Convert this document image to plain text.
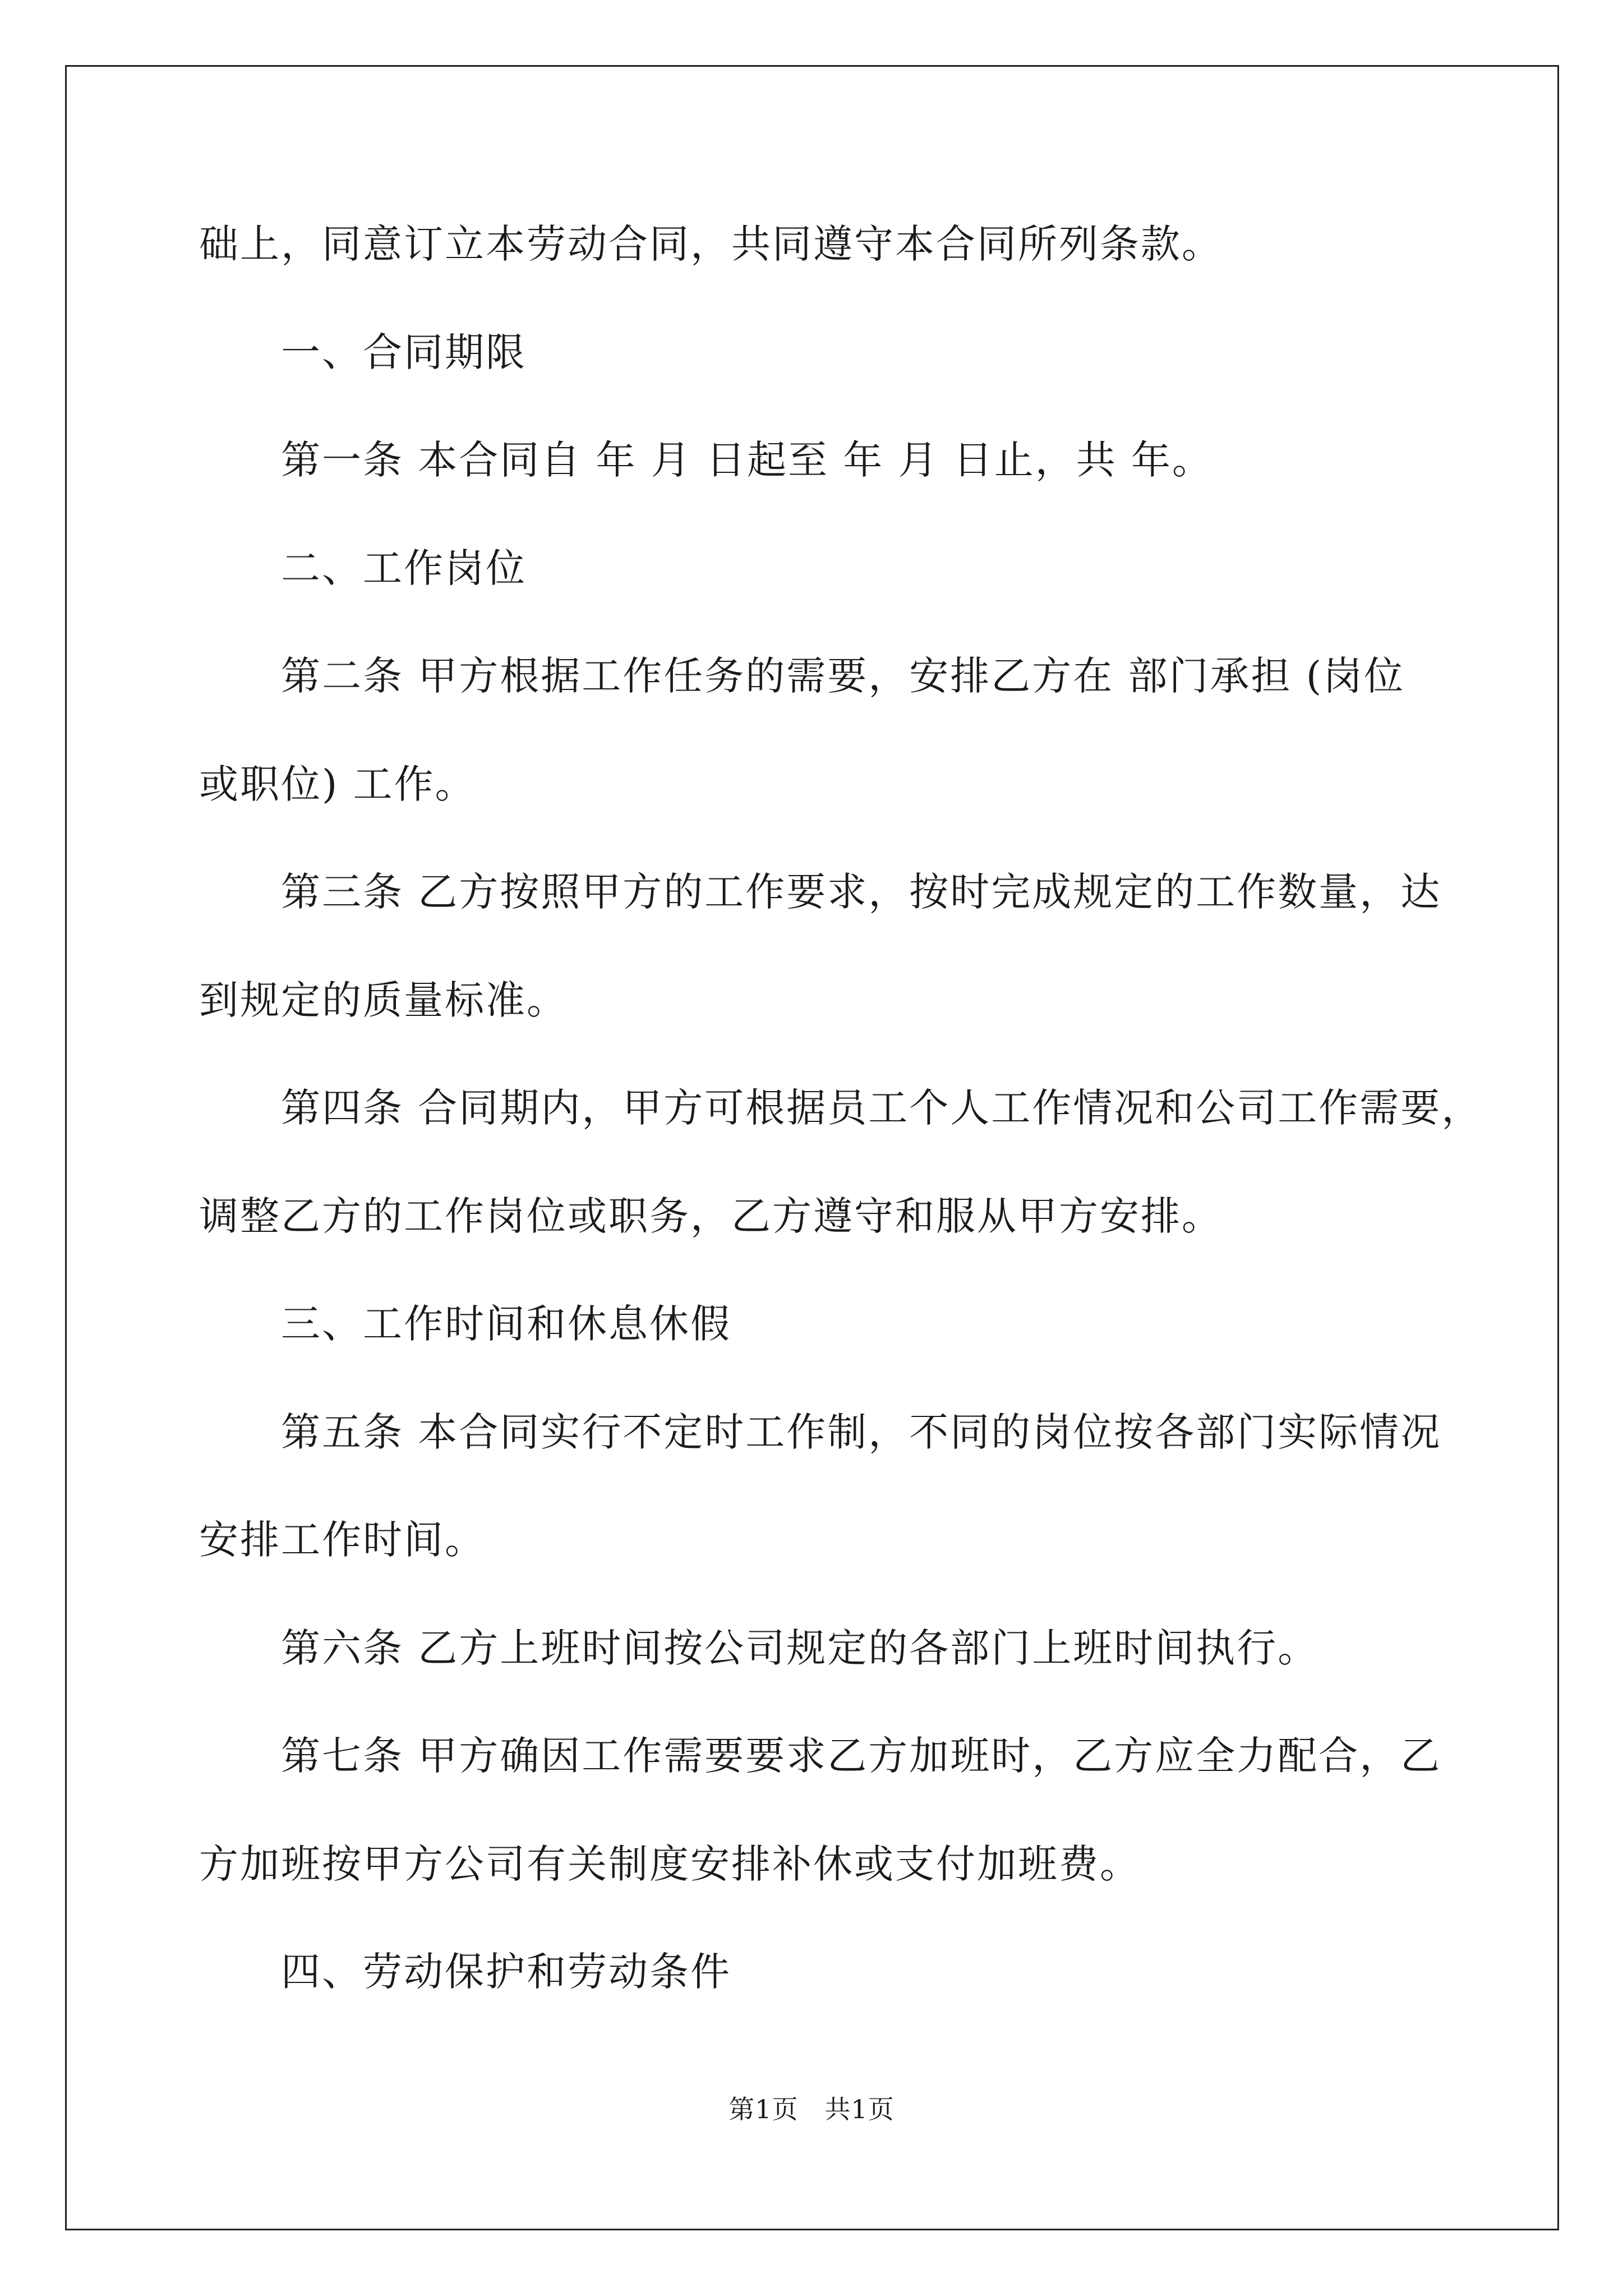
础上，同意订立本劳动合同，共同遵守本合同所列条款。
一、合同期限
第一条 本合同自 年 月 日起至 年 月 日止，共 年。
二、工作岗位
第二条 甲方根据工作任务的需要，安排乙方在 部门承担 (岗位
或职位) 工作。
第三条 乙方按照甲方的工作要求，按时完成规定的工作数量，达
到规定的质量标准。
第四条 合同期内，甲方可根据员工个人工作情况和公司工作需要，
调整乙方的工作岗位或职务，乙方遵守和服从甲方安排。
三、工作时间和休息休假
第五条 本合同实行不定时工作制，不同的岗位按各部门实际情况
安排工作时间。
第六条 乙方上班时间按公司规定的各部门上班时间执行。
第七条 甲方确因工作需要要求乙方加班时，乙方应全力配合，乙
方加班按甲方公司有关制度安排补休或支付加班费。
四、劳动保护和劳动条件
第1页   共1页
